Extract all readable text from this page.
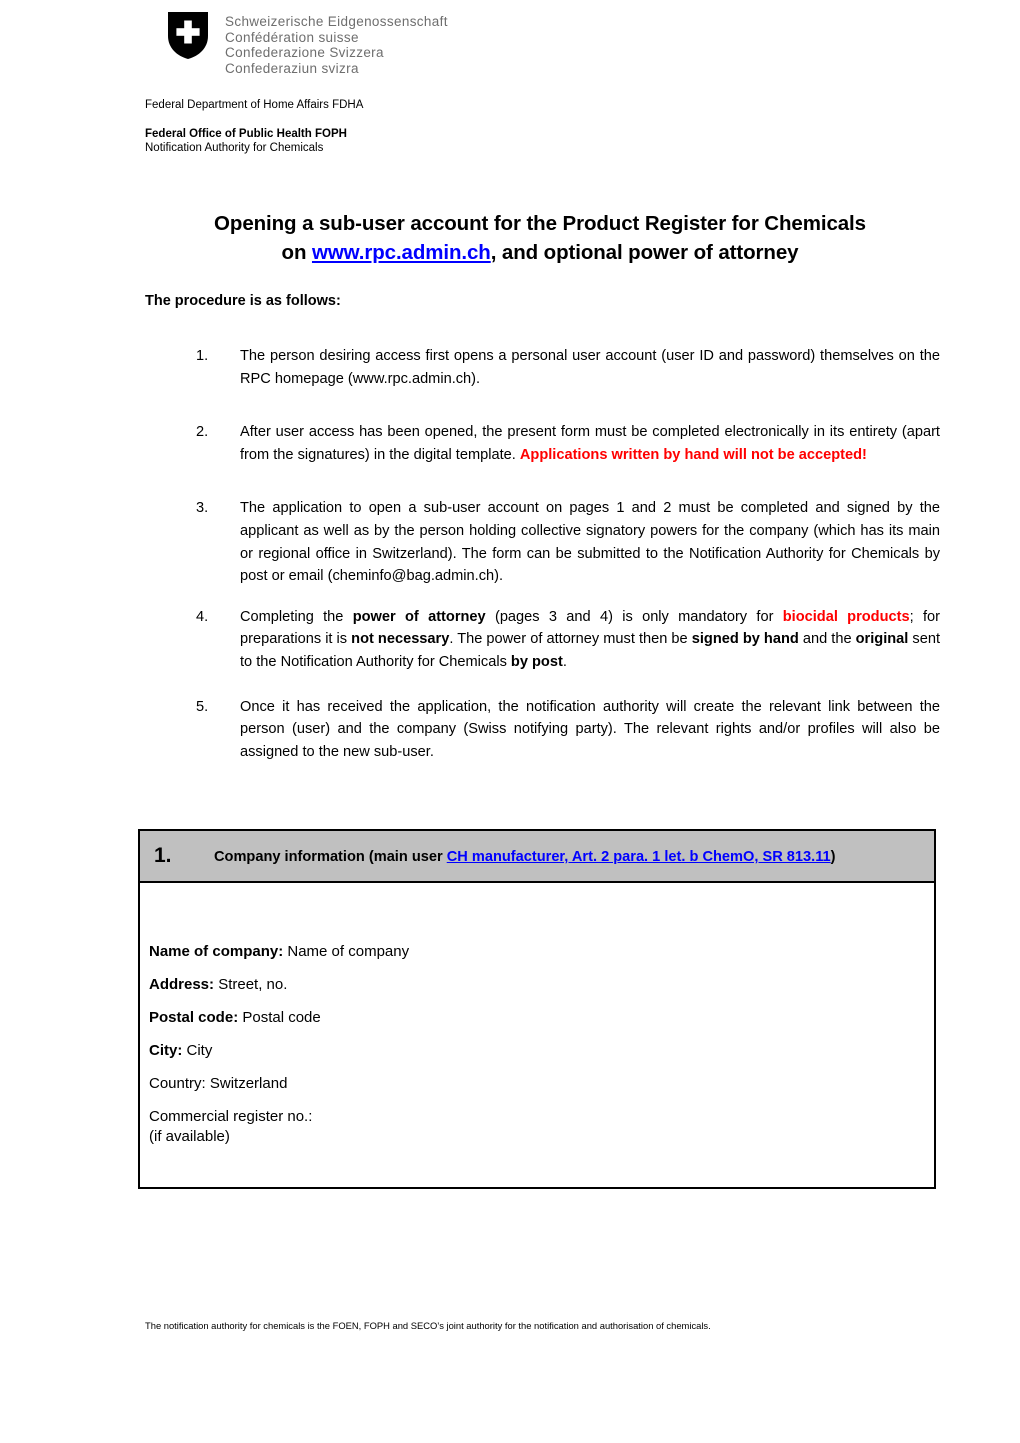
Schweizerische Eidgenossenschaft
Confédération suisse
Confederazione Svizzera
Confederaziun svizra
Federal Department of Home Affairs FDHA
Federal Office of Public Health FOPH
Notification Authority for Chemicals
Opening a sub-user account for the Product Register for Chemicals
on www.rpc.admin.ch, and optional power of attorney
The procedure is as follows:
1.	The person desiring access first opens a personal user account (user ID and password) themselves on the RPC homepage (www.rpc.admin.ch).

2.	After user access has been opened, the present form must be completed electronically in its entirety (apart from the signatures) in the digital template. Applications written by hand will not be accepted!

3.	The application to open a sub-user account on pages 1 and 2 must be completed and signed by the applicant as well as by the person holding collective signatory powers for the company (which has its main or regional office in Switzerland). The form can be submitted to the Notification Authority for Chemicals by post or email (cheminfo@bag.admin.ch).

4.	Completing the power of attorney (pages 3 and 4) is only mandatory for biocidal products; for preparations it is not necessary. The power of attorney must then be signed by hand and the original sent to the Notification Authority for Chemicals by post.

5.	Once it has received the application, the notification authority will create the relevant link between the person (user) and the company (Swiss notifying party). The relevant rights and/or profiles will also be assigned to the new sub-user.

1.	Company information (main user CH manufacturer, Art. 2 para. 1 let. b ChemO, SR 813.11)
Name of company: Name of company
Address: Street, no.
Postal code: Postal code
City: City
Country: Switzerland
Commercial register no.:
(if available)
The notification authority for chemicals is the FOEN, FOPH and SECO’s joint authority for the notification and authorisation of chemicals.
